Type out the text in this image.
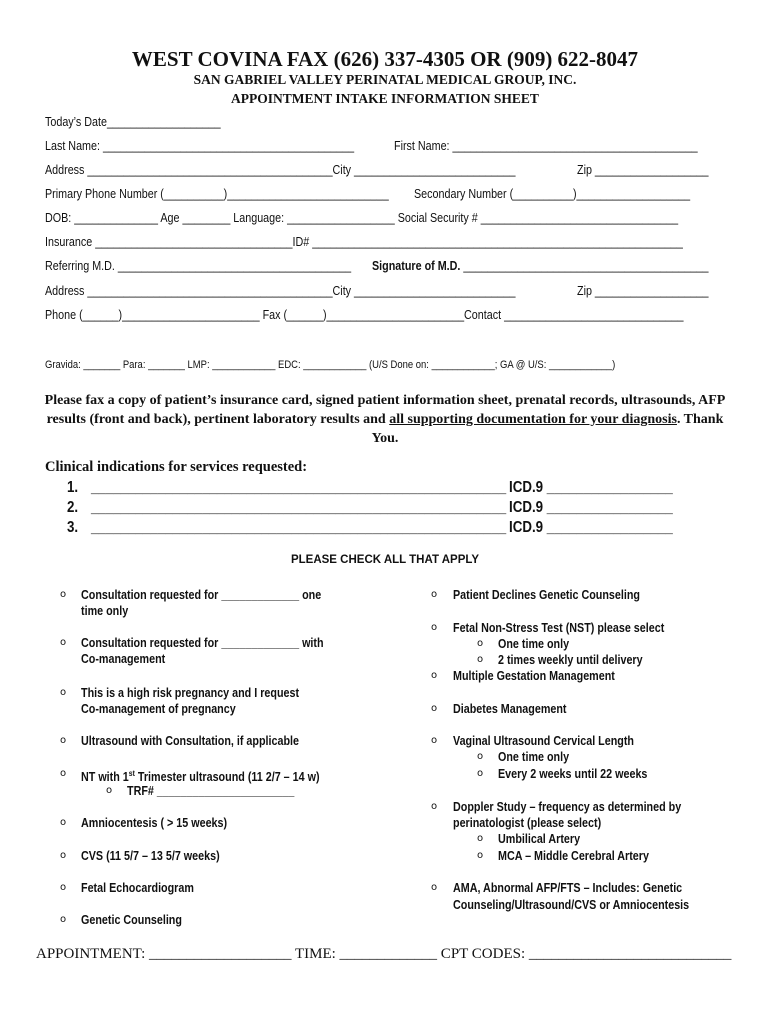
WEST COVINA FAX (626) 337-4305 OR (909) 622-8047
SAN GABRIEL VALLEY PERINATAL MEDICAL GROUP, INC.
APPOINTMENT INTAKE INFORMATION SHEET
Today’s Date___________________
Last Name: __________________________________________	First Name: _________________________________________
Address _________________________________________City ___________________________	Zip ___________________
Primary Phone Number (__________)___________________________ Secondary Number (__________)___________________
DOB: ______________ Age ________ Language: __________________ Social Security # _________________________________
Insurance _________________________________ID# ______________________________________________________________
Referring M.D. _______________________________________ Signature of M.D. _________________________________________
Address _________________________________________City ___________________________	Zip ___________________
Phone (______)_______________________ Fax (______)_______________________Contact ______________________________
Gravida: _______ Para: _______ LMP: ____________ EDC: ____________ (U/S Done on: ____________; GA @ U/S: ____________)
Please fax a copy of patient’s insurance card, signed patient information sheet, prenatal records, ultrasounds, AFP results (front and back), pertinent laboratory results and all supporting documentation for your diagnosis. Thank You.
Clinical indications for services requested:
1. ________________________________________________________ ICD.9 _________________
2. ________________________________________________________ ICD.9 _________________
3. ________________________________________________________ ICD.9 _________________
PLEASE CHECK ALL THAT APPLY
o Consultation requested for _____________ one
time only
o Consultation requested for _____________ with
Co-management
o This is a high risk pregnancy and I request
Co-management of pregnancy
o Ultrasound with Consultation, if applicable
o NT with 1st Trimester ultrasound (11 2/7 – 14 w)
o TRF# _______________________
o Amniocentesis ( > 15 weeks)
o CVS (11 5/7 – 13 5/7 weeks)
o Fetal Echocardiogram
o Genetic Counseling
o Patient Declines Genetic Counseling
o Fetal Non-Stress Test (NST) please select
o One time only
o 2 times weekly until delivery
o Multiple Gestation Management
o Diabetes Management
o Vaginal Ultrasound Cervical Length
o One time only
o Every 2 weeks until 22 weeks
o Doppler Study – frequency as determined by
perinatologist (please select)
o Umbilical Artery
o MCA – Middle Cerebral Artery
o AMA, Abnormal AFP/FTS – Includes: Genetic
Counseling/Ultrasound/CVS or Amniocentesis
APPOINTMENT: ___________________ TIME: _____________ CPT CODES: ___________________________
